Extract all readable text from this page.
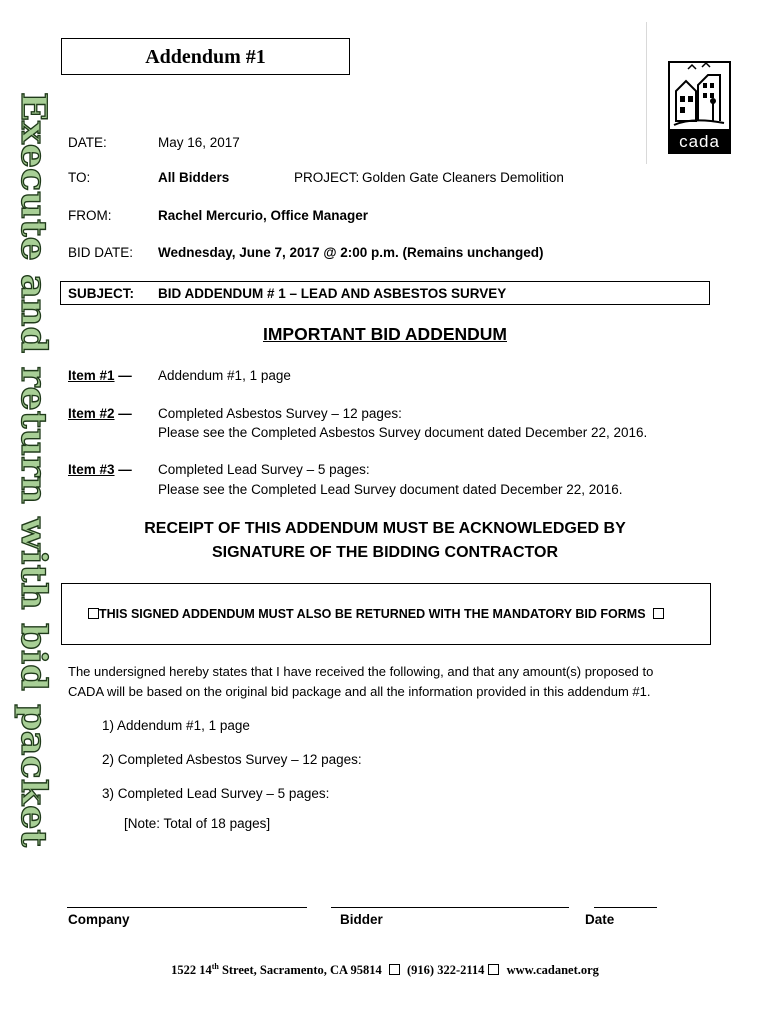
Addendum #1
Execute and return with bid packet	cada
DATE:	May 16, 2017
TO:	All Bidders	PROJECT: Golden Gate Cleaners Demolition
FROM:	Rachel Mercurio, Office Manager
BID DATE: Wednesday, June 7, 2017 @ 2:00 p.m. (Remains unchanged)
SUBJECT: BID ADDENDUM # 1 – LEAD AND ASBESTOS SURVEY
IMPORTANT BID ADDENDUM
Item #1 — Addendum #1, 1 page
Item #2 — Completed Asbestos Survey – 12 pages:
Please see the Completed Asbestos Survey document dated December 22, 2016.
Item #3 — Completed Lead Survey – 5 pages:
Please see the Completed Lead Survey document dated December 22, 2016.
RECEIPT OF THIS ADDENDUM MUST BE ACKNOWLEDGED BY
SIGNATURE OF THE BIDDING CONTRACTOR
THIS SIGNED ADDENDUM MUST ALSO BE RETURNED WITH THE MANDATORY BID FORMS
The undersigned hereby states that I have received the following, and that any amount(s) proposed to
CADA will be based on the original bid package and all the information provided in this addendum #1.
1) Addendum #1, 1 page
2) Completed Asbestos Survey – 12 pages:
3) Completed Lead Survey – 5 pages:
[Note: Total of 18 pages]
Company	Bidder	Date
1522 14th Street, Sacramento, CA 95814 (916) 322-2114 www.cadanet.org
